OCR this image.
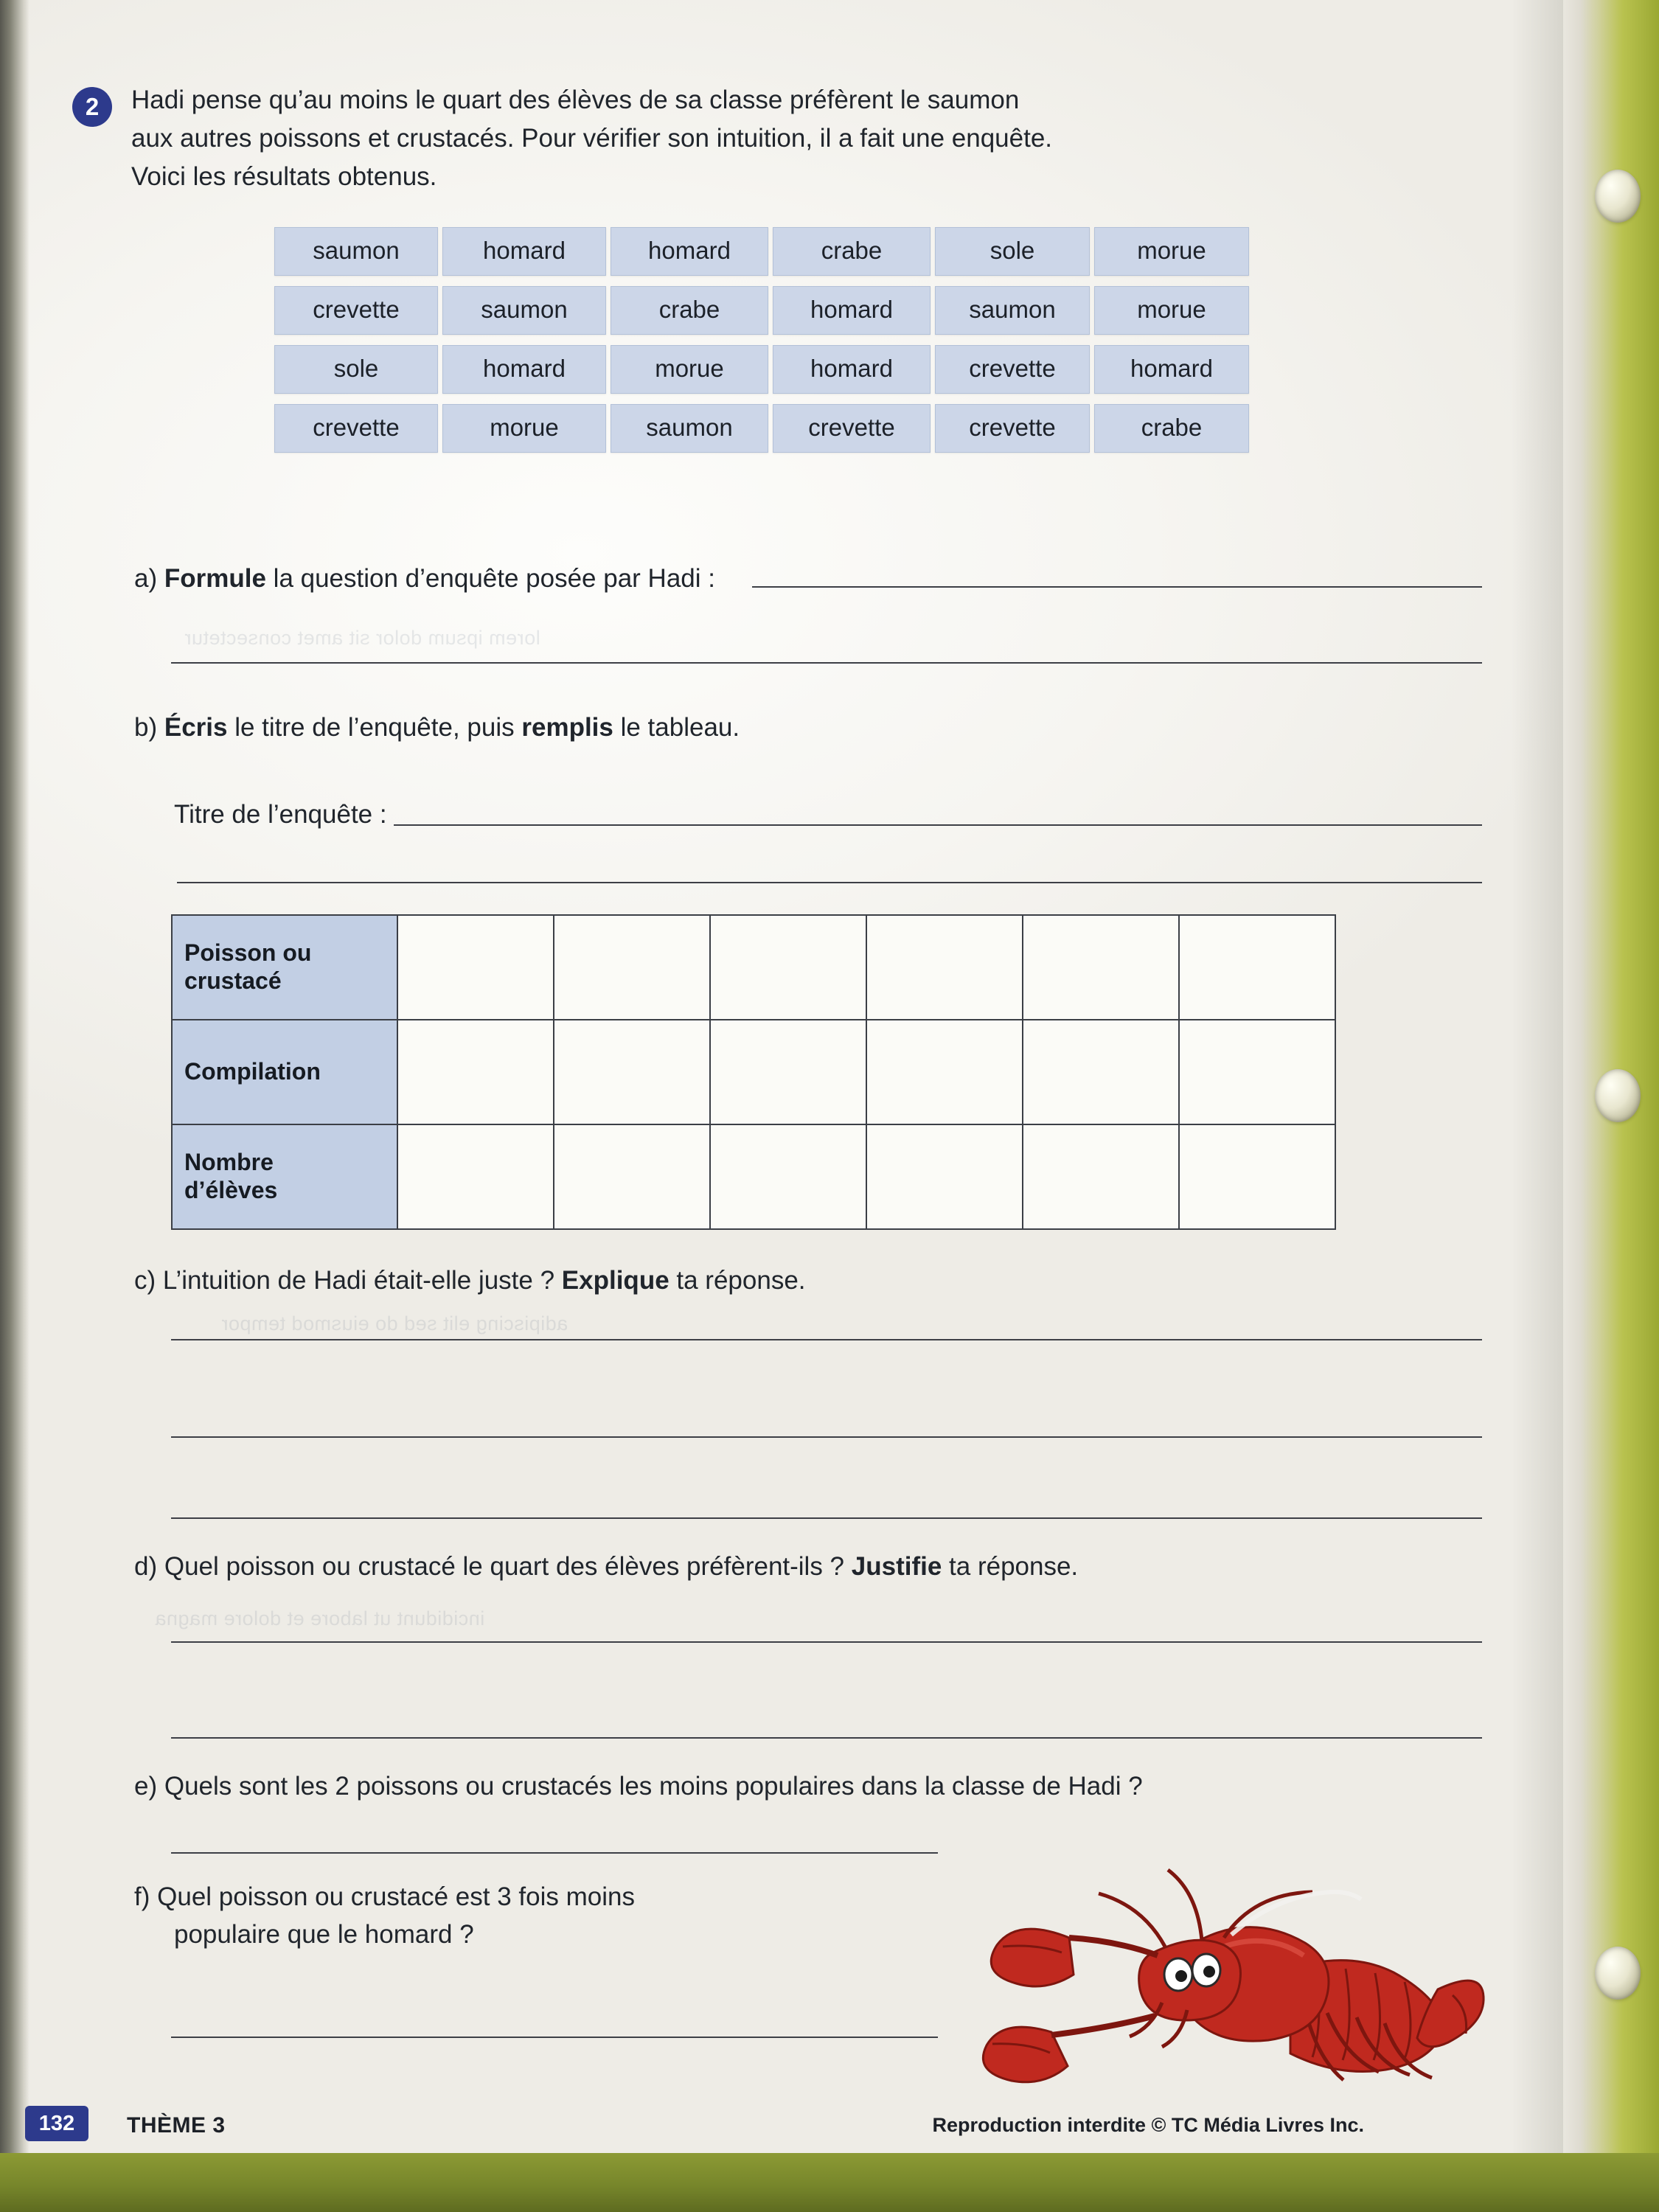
lorem ipsum dolor sit amet consectetur
adipiscing elit sed do eiusmod tempor
incididunt ut labore et dolore magna
2	Hadi pense qu’au moins le quart des élèves de sa classe préfèrent le saumon
aux autres poissons et crustacés. Pour vérifier son intuition, il a fait une enquête.
Voici les résultats obtenus.
saumon	homard	homard	crabe	sole	morue
crevette	saumon	crabe	homard	saumon	morue
sole	homard	morue	homard	crevette	homard
crevette	morue	saumon	crevette	crevette	crabe
a) Formule la question d’enquête posée par Hadi :
b) Écris le titre de l’enquête, puis remplis le tableau.
Titre de l’enquête :
Poisson ou
crustacé						

Compilation						

Nombre
d’élèves						

c) L’intuition de Hadi était-elle juste ? Explique ta réponse.
d) Quel poisson ou crustacé le quart des élèves préfèrent-ils ? Justifie ta réponse.
e) Quels sont les 2 poissons ou crustacés les moins populaires dans la classe de Hadi ?
f) Quel poisson ou crustacé est 3 fois moins
populaire que le homard ?
132	THÈME 3	Reproduction interdite © TC Média Livres Inc.
